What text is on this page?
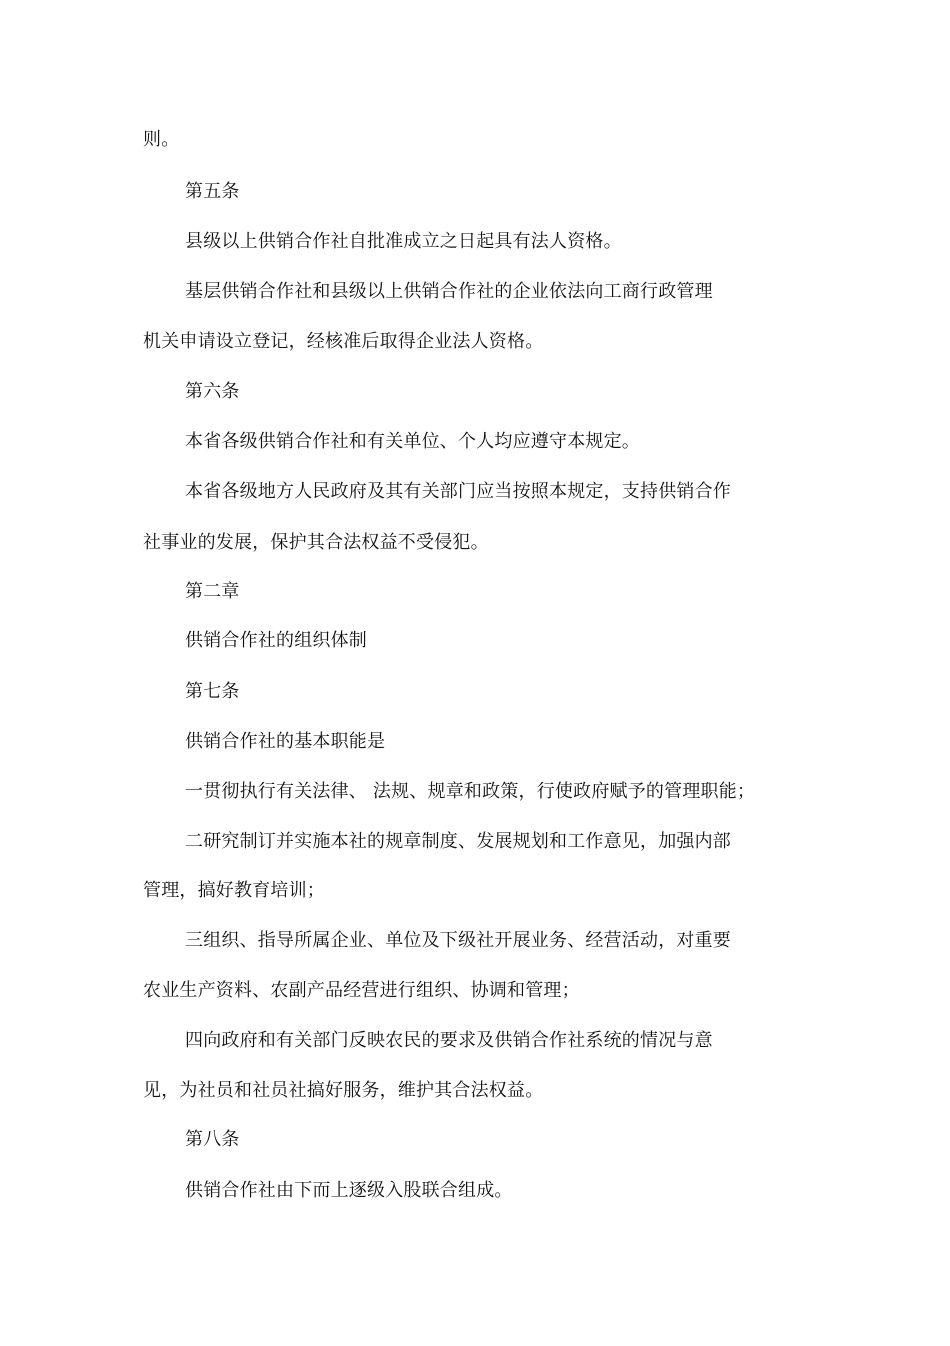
则。

第五条

县级以上供销合作社自批准成立之日起具有法人资格。

基层供销合作社和县级以上供销合作社的企业依法向工商行政管理

机关申请设立登记，经核准后取得企业法人资格。

第六条

本省各级供销合作社和有关单位、个人均应遵守本规定。

本省各级地方人民政府及其有关部门应当按照本规定，支持供销合作

社事业的发展，保护其合法权益不受侵犯。

第二章

供销合作社的组织体制

第七条

供销合作社的基本职能是

一贯彻执行有关法律、 法规、规章和政策，行使政府赋予的管理职能；

二研究制订并实施本社的规章制度、发展规划和工作意见，加强内部

管理，搞好教育培训；

三组织、指导所属企业、单位及下级社开展业务、经营活动，对重要

农业生产资料、农副产品经营进行组织、协调和管理；

四向政府和有关部门反映农民的要求及供销合作社系统的情况与意

见，为社员和社员社搞好服务，维护其合法权益。

第八条

供销合作社由下而上逐级入股联合组成。
